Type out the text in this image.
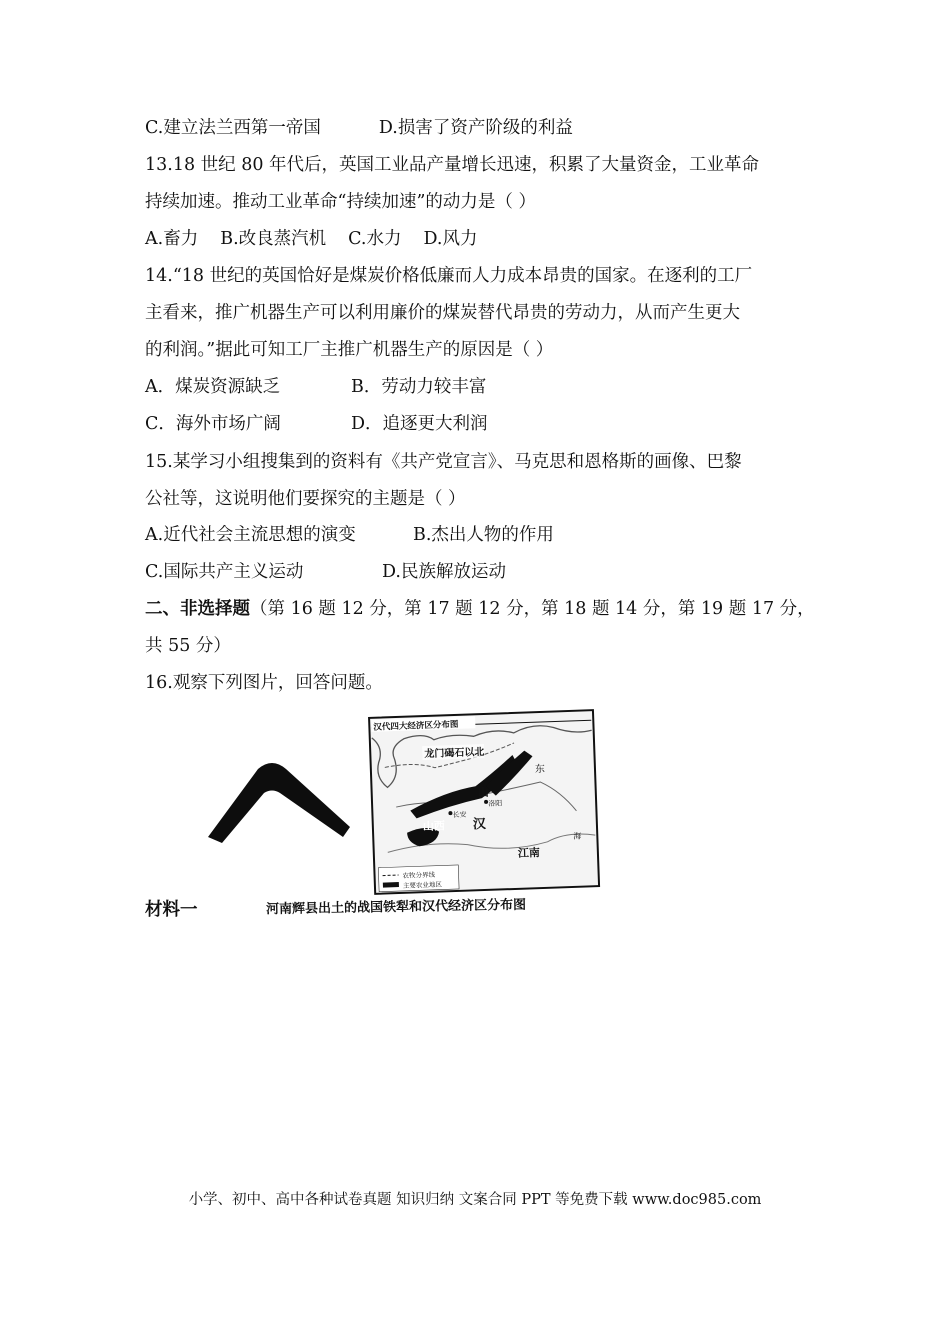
C.建立法兰西第一帝国	D.损害了资产阶级的利益
13.18 世纪 80 年代后，英国工业品产量增长迅速，积累了大量资金，工业革命
持续加速。推动工业革命“持续加速”的动力是（ ）
A.畜力 B.改良蒸汽机 C.水力 D.风力
14.“18 世纪的英国恰好是煤炭价格低廉而人力成本昂贵的国家。在逐利的工厂
主看来，推广机器生产可以利用廉价的煤炭替代昂贵的劳动力，从而产生更大
的利润。”据此可知工厂主推广机器生产的原因是（ ）
A．煤炭资源缺乏	B．劳动力较丰富
C．海外市场广阔	D．追逐更大利润
15.某学习小组搜集到的资料有《共产党宣言》、马克思和恩格斯的画像、巴黎
公社等，这说明他们要探究的主题是（ ）
A.近代社会主流思想的演变	B.杰出人物的作用
C.国际共产主义运动	D.民族解放运动
二、非选择题（第 16 题 12 分，第 17 题 12 分，第 18 题 14 分，第 19 题 17 分，
共 55 分）
16.观察下列图片，回答问题。
汉代四大经济区分布图
龙门碣石以北
山
东
山西 汉
江南
长安
洛阳
海
农牧分界线
主要农业地区
材料一	河南辉县出土的战国铁犁和汉代经济区分布图
小学、初中、高中各种试卷真题 知识归纳 文案合同 PPT 等免费下载 www.doc985.com
